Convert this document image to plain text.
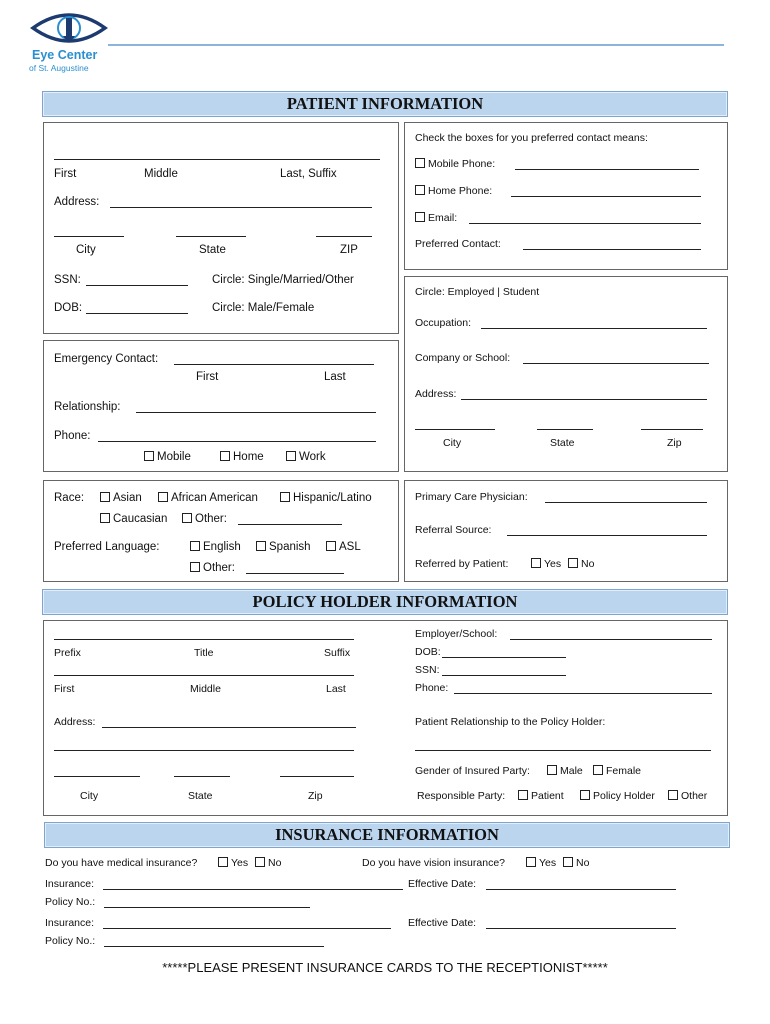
Eye Center
of St. Augustine
PATIENT INFORMATION
First	Middle	Last, Suffix
Address:
City	State	ZIP
SSN:	Circle: Single/Married/Other
DOB:	Circle: Male/Female
Check the boxes for you preferred contact means:
Mobile Phone:
Home Phone:
Email:
Preferred Contact:
Circle: Employed | Student
Occupation:
Company or School:
Address:
City	State	Zip
Emergency Contact:
First	Last
Relationship:
Phone:
Mobile	Home	Work
Race:	Asian	African American	Hispanic/Latino
Caucasian	Other:
Preferred Language:	English	Spanish	ASL
Other:
Primary Care Physician:
Referral Source:
Referred by Patient:	Yes	No
POLICY HOLDER INFORMATION
Prefix	Title	Suffix
First	Middle	Last
Address:
City	State	Zip
Employer/School:
DOB:
SSN:
Phone:
Patient Relationship to the Policy Holder:
Gender of Insured Party:	Male	Female
Responsible Party:	Patient	Policy Holder	Other
INSURANCE INFORMATION
Do you have medical insurance?	Yes	No	Do you have vision insurance?	Yes	No
Insurance:	Effective Date:
Policy No.:
Insurance:	Effective Date:
Policy No.:
*****PLEASE PRESENT INSURANCE CARDS TO THE RECEPTIONIST*****
